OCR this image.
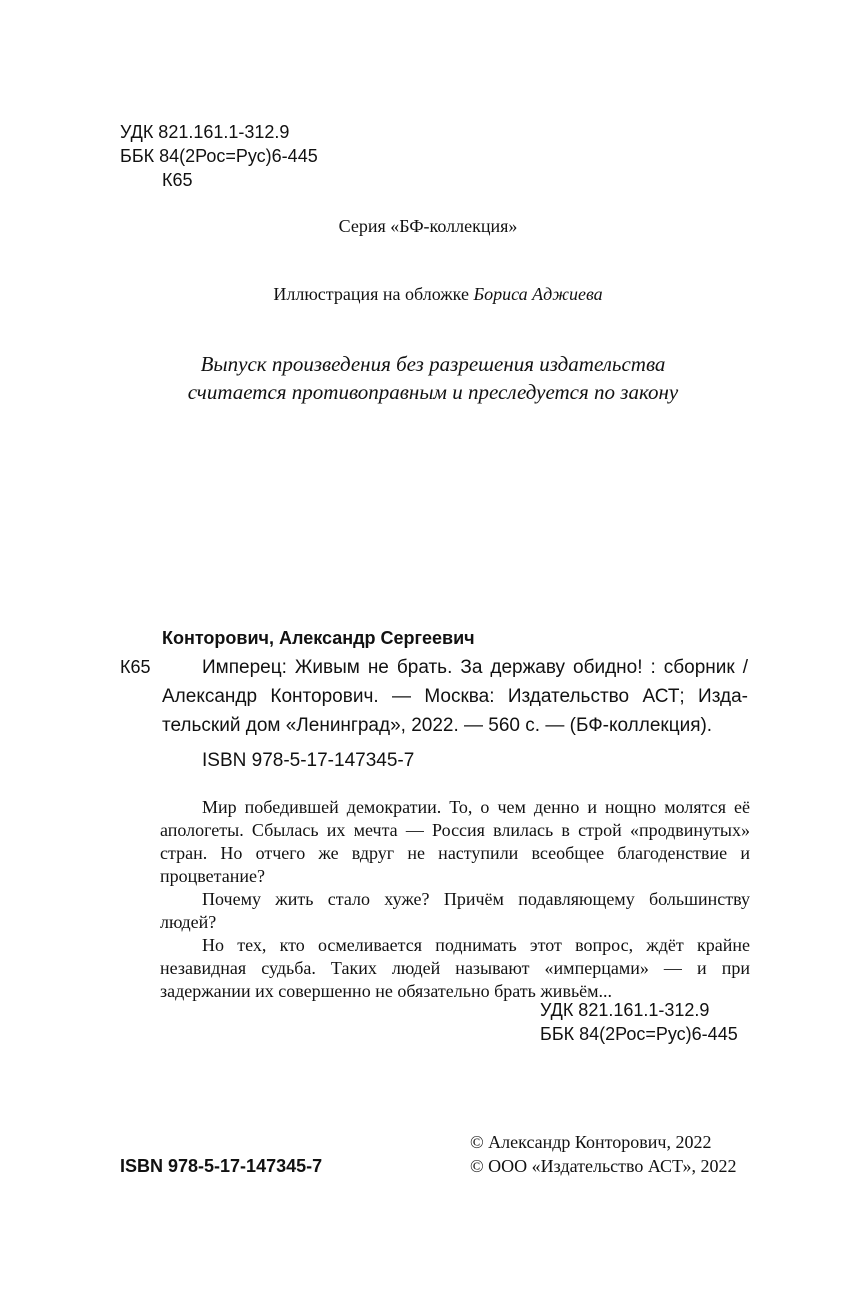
УДК 821.161.1-312.9
ББК 84(2Рос=Рус)6-445
К65
Серия «БФ-коллекция»
Иллюстрация на обложке Бориса Аджиева
Выпуск произведения без разрешения издательства
считается противоправным и преследуется по закону
Конторович, Александр Сергеевич
К65	Имперец: Живым не брать. За державу обидно! : сборник /
Александр Конторович. — Москва: Издательство АСТ; Изда-
тельский дом «Ленинград», 2022. — 560 с. — (БФ-коллекция).
ISBN 978-5-17-147345-7

Мир победившей демократии. То, о чем денно и нощно молятся её апологеты. Сбылась их мечта — Россия влилась в строй «продвинутых» стран. Но отчего же вдруг не наступили всеобщее благоденствие и процветание?

Почему жить стало хуже? Причём подавляющему большинству людей?

Но тех, кто осмеливается поднимать этот вопрос, ждёт крайне незавидная судьба. Таких людей называют «имперцами» — и при задержании их совершенно не обязательно брать живьём...

УДК 821.161.1-312.9
ББК 84(2Рос=Рус)6-445
© Александр Конторович, 2022
© ООО «Издательство АСТ», 2022
ISBN 978-5-17-147345-7
